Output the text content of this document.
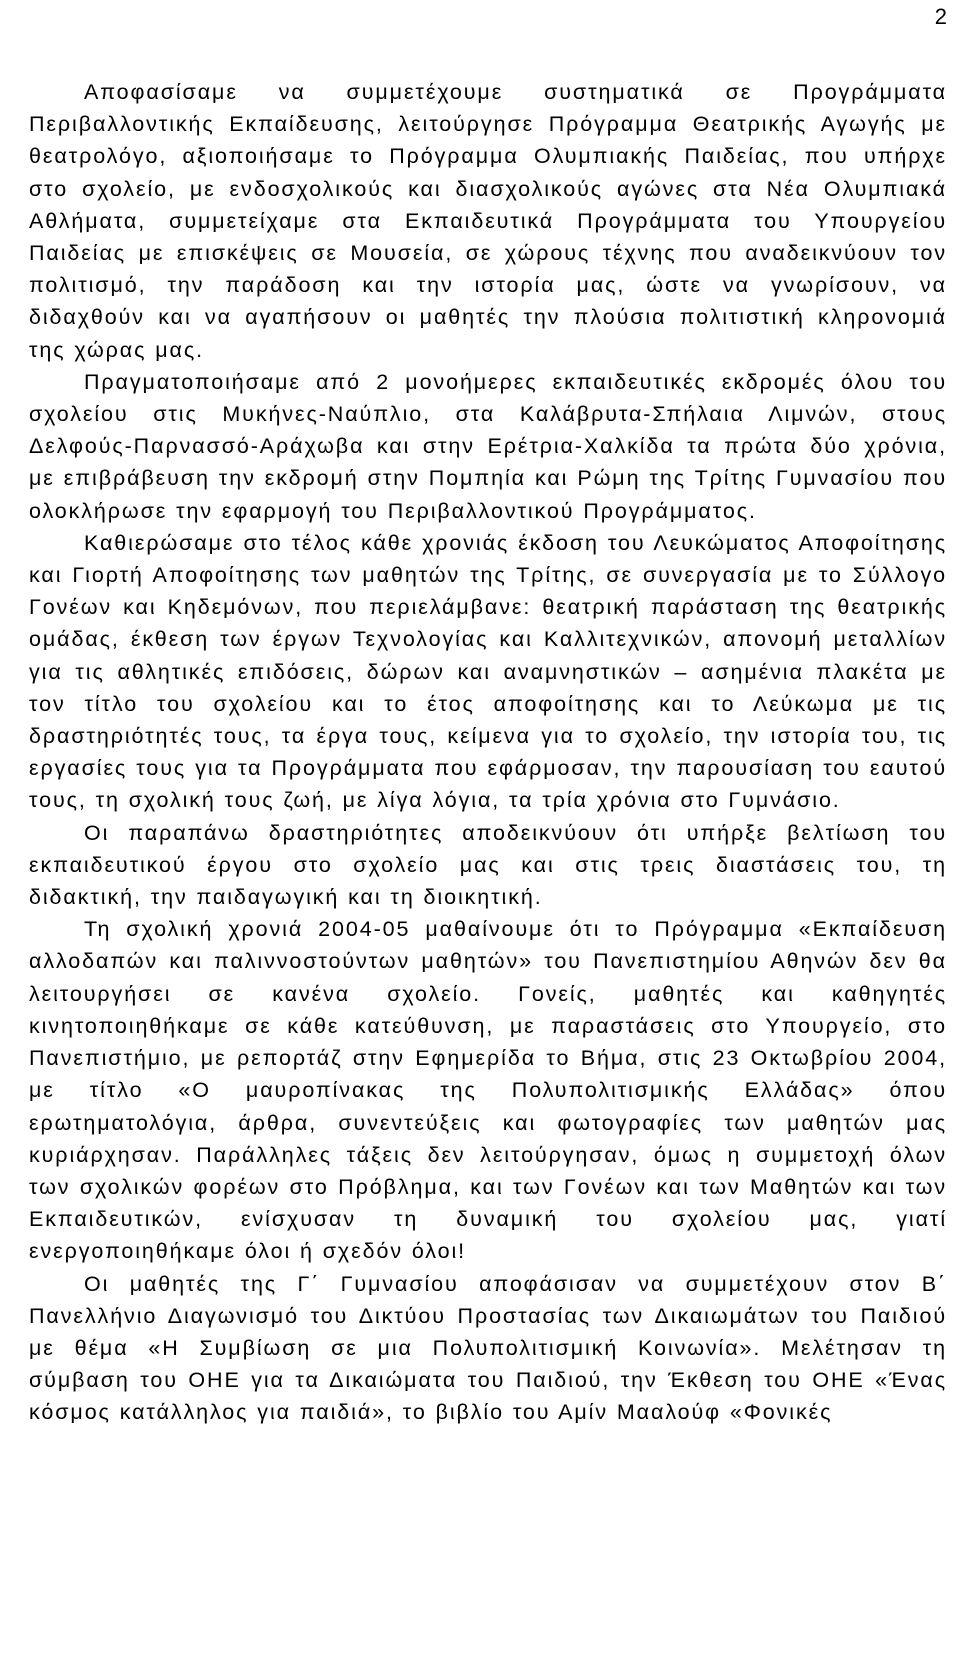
2

Αποφασίσαμε να συμμετέχουμε συστηματικά σε Προγράμματα Περιβαλλοντικής Εκπαίδευσης, λειτούργησε Πρόγραμμα Θεατρικής Αγωγής με θεατρολόγο, αξιοποιήσαμε το Πρόγραμμα Ολυμπιακής Παιδείας, που υπήρχε στο σχολείο, με ενδοσχολικούς και διασχολικούς αγώνες στα Νέα Ολυμπιακά Αθλήματα, συμμετείχαμε στα Εκπαιδευτικά Προγράμματα του Υπουργείου Παιδείας με επισκέψεις σε Μουσεία, σε χώρους τέχνης που αναδεικνύουν τον πολιτισμό, την παράδοση και την ιστορία μας, ώστε να γνωρίσουν, να διδαχθούν και να αγαπήσουν οι μαθητές την πλούσια πολιτιστική κληρονομιά της χώρας μας.

Πραγματοποιήσαμε από 2 μονοήμερες εκπαιδευτικές εκδρομές όλου του σχολείου στις Μυκήνες-Ναύπλιο, στα Καλάβρυτα-Σπήλαια Λιμνών, στους Δελφούς-Παρνασσό-Αράχωβα και στην Ερέτρια-Χαλκίδα τα πρώτα δύο χρόνια, με επιβράβευση την εκδρομή στην Πομπηία και Ρώμη της Τρίτης Γυμνασίου που ολοκλήρωσε την εφαρμογή του Περιβαλλοντικού Προγράμματος.

Καθιερώσαμε στο τέλος κάθε χρονιάς έκδοση του Λευκώματος Αποφοίτησης και Γιορτή Αποφοίτησης των μαθητών της Τρίτης, σε συνεργασία με το Σύλλογο Γονέων και Κηδεμόνων, που περιελάμβανε: θεατρική παράσταση της θεατρικής ομάδας, έκθεση των έργων Τεχνολογίας και Καλλιτεχνικών, απονομή μεταλλίων για τις αθλητικές επιδόσεις, δώρων και αναμνηστικών – ασημένια πλακέτα με τον τίτλο του σχολείου και το έτος αποφοίτησης και το Λεύκωμα με τις δραστηριότητές τους, τα έργα τους, κείμενα για το σχολείο, την ιστορία του, τις εργασίες τους για τα Προγράμματα που εφάρμοσαν, την παρουσίαση του εαυτού τους, τη σχολική τους ζωή, με λίγα λόγια, τα τρία χρόνια στο Γυμνάσιο.

Οι παραπάνω δραστηριότητες αποδεικνύουν ότι υπήρξε βελτίωση του εκπαιδευτικού έργου στο σχολείο μας και στις τρεις διαστάσεις του, τη διδακτική, την παιδαγωγική και τη διοικητική.

Τη σχολική χρονιά 2004-05 μαθαίνουμε ότι το Πρόγραμμα «Εκπαίδευση αλλοδαπών και παλιννοστούντων μαθητών» του Πανεπιστημίου Αθηνών δεν θα λειτουργήσει σε κανένα σχολείο. Γονείς, μαθητές και καθηγητές κινητοποιηθήκαμε σε κάθε κατεύθυνση, με παραστάσεις στο Υπουργείο, στο Πανεπιστήμιο, με ρεπορτάζ στην Εφημερίδα το Βήμα, στις 23 Οκτωβρίου 2004, με τίτλο «Ο μαυροπίνακας της Πολυπολιτισμικής Ελλάδας» όπου ερωτηματολόγια, άρθρα, συνεντεύξεις και φωτογραφίες των μαθητών μας κυριάρχησαν. Παράλληλες τάξεις δεν λειτούργησαν, όμως η συμμετοχή όλων των σχολικών φορέων στο Πρόβλημα, και των Γονέων και των Μαθητών και των Εκπαιδευτικών, ενίσχυσαν τη δυναμική του σχολείου μας, γιατί ενεργοποιηθήκαμε όλοι ή σχεδόν όλοι!

Οι μαθητές της Γ΄ Γυμνασίου αποφάσισαν να συμμετέχουν στον Β΄ Πανελλήνιο Διαγωνισμό του Δικτύου Προστασίας των Δικαιωμάτων του Παιδιού με θέμα «Η Συμβίωση σε μια Πολυπολιτισμική Κοινωνία». Μελέτησαν τη σύμβαση του ΟΗΕ για τα Δικαιώματα του Παιδιού, την Έκθεση του ΟΗΕ «Ένας κόσμος κατάλληλος για παιδιά», το βιβλίο του Αμίν Μααλούφ «Φονικές
